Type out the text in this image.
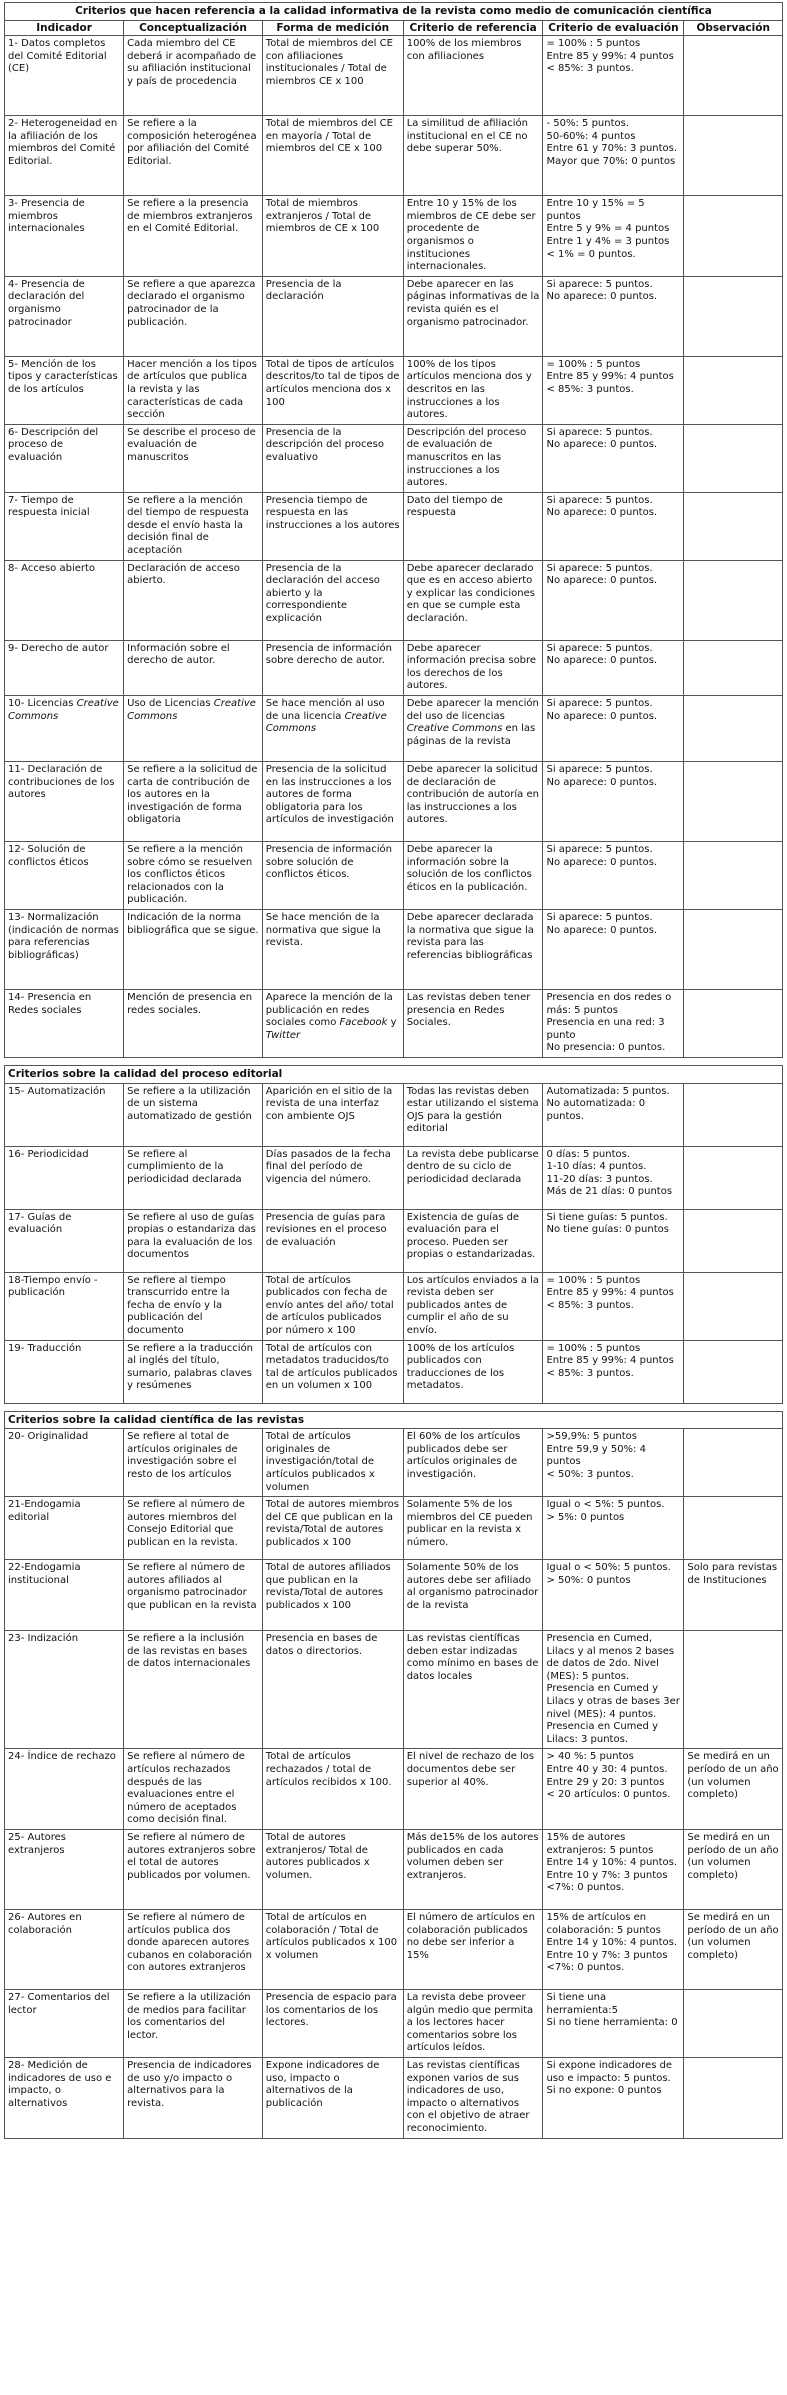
Criterios que hacen referencia a la calidad informativa de la revista como medio de comunicación científica					
Indicador	Conceptualización	Forma de medición	Criterio de referencia	Criterio de evaluación	Observación
1- Datos completos del Comité Editorial (CE)	Cada miembro del CE deberá ir acompañado de su afiliación institucional y país de procedencia	Total de miembros del CE con afiliaciones institucionales / Total de miembros CE x 100	100% de los miembros con afiliaciones	= 100% : 5 puntos
Entre 85 y 99%: 4 puntos
< 85%: 3 puntos.	
2- Heterogeneidad en la afiliación de los miembros del Comité Editorial.	Se refiere a la composición heterogénea por afiliación del Comité Editorial.	Total de miembros del CE en mayoría / Total de miembros del CE x 100	La similitud de afiliación institucional en el CE no debe superar 50%.	- 50%: 5 puntos.
50-60%: 4 puntos
Entre 61 y 70%: 3 puntos.
Mayor que 70%: 0 puntos	
3- Presencia de miembros internacionales	Se refiere a la presencia de miembros extranjeros en el Comité Editorial.	Total de miembros extranjeros / Total de miembros de CE x 100	Entre 10 y 15% de los miembros de CE debe ser procedente de organismos o instituciones internacionales.	Entre 10 y 15% = 5 puntos
Entre 5 y 9% = 4 puntos
Entre 1 y 4% = 3 puntos
< 1% = 0 puntos.	
4- Presencia de declaración del organismo patrocinador	Se refiere a que aparezca declarado el organismo patrocinador de la publicación.	Presencia de la declaración	Debe aparecer en las páginas informativas de la revista quién es el organismo patrocinador.	Si aparece: 5 puntos.
No aparece: 0 puntos.	
5- Mención de los tipos y características de los artículos	Hacer mención a los tipos de artículos que publica la revista y las características de cada sección	Total de tipos de artículos descritos/to tal de tipos de artículos menciona dos x 100	100% de los tipos artículos menciona dos y descritos en las instrucciones a los autores.	= 100% : 5 puntos
Entre 85 y 99%: 4 puntos
< 85%: 3 puntos.	
6- Descripción del proceso de evaluación	Se describe el proceso de evaluación de manuscritos	Presencia de la descripción del proceso evaluativo	Descripción del proceso de evaluación de manuscritos en las instrucciones a los autores.	Si aparece: 5 puntos.
No aparece: 0 puntos.	
7- Tiempo de respuesta inicial	Se refiere a la mención del tiempo de respuesta desde el envío hasta la decisión final de aceptación	Presencia tiempo de respuesta en las instrucciones a los autores	Dato del tiempo de respuesta	Si aparece: 5 puntos.
No aparece: 0 puntos.	
8- Acceso abierto	Declaración de acceso abierto.	Presencia de la declaración del acceso abierto y la correspondiente explicación	Debe aparecer declarado que es en acceso abierto y explicar las condiciones en que se cumple esta declaración.	Si aparece: 5 puntos.
No aparece: 0 puntos.	
9- Derecho de autor	Información sobre el derecho de autor.	Presencia de información sobre derecho de autor.	Debe aparecer información precisa sobre los derechos de los autores.	Si aparece: 5 puntos.
No aparece: 0 puntos.	
10- Licencias Creative Commons	Uso de Licencias Creative Commons	Se hace mención al uso de una licencia Creative Commons	Debe aparecer la mención del uso de licencias Creative Commons en las páginas de la revista	Si aparece: 5 puntos.
No aparece: 0 puntos.	
11- Declaración de contribuciones de los autores	Se refiere a la solicitud de carta de contribución de los autores en la investigación de forma obligatoria	Presencia de la solicitud en las instrucciones a los autores de forma obligatoria para los artículos de investigación	Debe aparecer la solicitud de declaración de contribución de autoría en las instrucciones a los autores.	Si aparece: 5 puntos.
No aparece: 0 puntos.	
12- Solución de conflictos éticos	Se refiere a la mención sobre cómo se resuelven los conflictos éticos relacionados con la publicación.	Presencia de información sobre solución de conflictos éticos.	Debe aparecer la información sobre la solución de los conflictos éticos en la publicación.	Si aparece: 5 puntos.
No aparece: 0 puntos.	
13- Normalización (indicación de normas para referencias bibliográficas)	Indicación de la norma bibliográfica que se sigue.	Se hace mención de la normativa que sigue la revista.	Debe aparecer declarada la normativa que sigue la revista para las referencias bibliográficas	Si aparece: 5 puntos.
No aparece: 0 puntos.	
14- Presencia en Redes sociales	Mención de presencia en redes sociales.	Aparece la mención de la publicación en redes sociales como Facebook y Twitter	Las revistas deben tener presencia en Redes Sociales.	Presencia en dos redes o más: 5 puntos
Presencia en una red: 3 punto
No presencia: 0 puntos.	

Criterios sobre la calidad del proceso editorial					
15- Automatización	Se refiere a la utilización de un sistema automatizado de gestión	Aparición en el sitio de la revista de una interfaz con ambiente OJS	Todas las revistas deben estar utilizando el sistema OJS para la gestión editorial	Automatizada: 5 puntos.
No automatizada: 0 puntos.	
16- Periodicidad	Se refiere al cumplimiento de la periodicidad declarada	Días pasados de la fecha final del período de vigencia del número.	La revista debe publicarse dentro de su ciclo de periodicidad declarada	0 días: 5 puntos.
1-10 días: 4 puntos.
11-20 días: 3 puntos.
Más de 21 días: 0 puntos	
17- Guías de evaluación	Se refiere al uso de guías propias o estandariza das para la evaluación de los documentos	Presencia de guías para revisiones en el proceso de evaluación	Existencia de guías de evaluación para el proceso. Pueden ser propias o estandarizadas.	Si tiene guías: 5 puntos.
No tiene guías: 0 puntos	
18-Tiempo envío - publicación	Se refiere al tiempo transcurrido entre la fecha de envío y la publicación del documento	Total de artículos publicados con fecha de envío antes del año/ total de artículos publicados por número x 100	Los artículos enviados a la revista deben ser publicados antes de cumplir el año de su envío.	= 100% : 5 puntos
Entre 85 y 99%: 4 puntos
< 85%: 3 puntos.	
19- Traducción	Se refiere a la traducción al inglés del título, sumario, palabras claves y resúmenes	Total de artículos con metadatos traducidos/to tal de artículos publicados en un volumen x 100	100% de los artículos publicados con traducciones de los metadatos.	= 100% : 5 puntos
Entre 85 y 99%: 4 puntos
< 85%: 3 puntos.	

Criterios sobre la calidad científica de las revistas					
20- Originalidad	Se refiere al total de artículos originales de investigación sobre el resto de los artículos	Total de artículos originales de investigación/total de artículos publicados x volumen	El 60% de los artículos publicados debe ser artículos originales de investigación.	>59,9%: 5 puntos
Entre 59,9 y 50%: 4 puntos
< 50%: 3 puntos.	
21-Endogamia editorial	Se refiere al número de autores miembros del Consejo Editorial que publican en la revista.	Total de autores miembros del CE que publican en la revista/Total de autores publicados x 100	Solamente 5% de los miembros del CE pueden publicar en la revista x número.	Igual o < 5%: 5 puntos.
> 5%: 0 puntos	
22-Endogamia institucional	Se refiere al número de autores afiliados al organismo patrocinador que publican en la revista	Total de autores afiliados que publican en la revista/Total de autores publicados x 100	Solamente 50% de los autores debe ser afiliado al organismo patrocinador de la revista	Igual o < 50%: 5 puntos.
> 50%: 0 puntos	Solo para revistas de Instituciones
23- Indización	Se refiere a la inclusión de las revistas en bases de datos internacionales	Presencia en bases de datos o directorios.	Las revistas científicas deben estar indizadas como mínimo en bases de datos locales	Presencia en Cumed, Lilacs y al menos 2 bases de datos de 2do. Nivel (MES): 5 puntos.
Presencia en Cumed y Lilacs y otras de bases 3er nivel (MES): 4 puntos.
Presencia en Cumed y Lilacs: 3 puntos.	
24- Índice de rechazo	Se refiere al número de artículos rechazados después de las evaluaciones entre el número de aceptados como decisión final.	Total de artículos rechazados / total de artículos recibidos x 100.	El nivel de rechazo de los documentos debe ser superior al 40%.	> 40 %: 5 puntos
Entre 40 y 30: 4 puntos.
Entre 29 y 20: 3 puntos
< 20 artículos: 0 puntos.	Se medirá en un período de un año (un volumen completo)
25- Autores extranjeros	Se refiere al número de autores extranjeros sobre el total de autores publicados por volumen.	Total de autores extranjeros/ Total de autores publicados x volumen.	Más de15% de los autores publicados en cada volumen deben ser extranjeros.	15% de autores extranjeros: 5 puntos
Entre 14 y 10%: 4 puntos.
Entre 10 y 7%: 3 puntos
<7%: 0 puntos.	Se medirá en un período de un año (un volumen completo)
26- Autores en colaboración	Se refiere al número de artículos publica dos donde aparecen autores cubanos en colaboración con autores extranjeros	Total de artículos en colaboración / Total de artículos publicados x 100 x volumen	El número de artículos en colaboración publicados no debe ser inferior a 15%	15% de artículos en colaboración: 5 puntos
Entre 14 y 10%: 4 puntos.
Entre 10 y 7%: 3 puntos
<7%: 0 puntos.	Se medirá en un período de un año (un volumen completo)
27- Comentarios del lector	Se refiere a la utilización de medios para facilitar los comentarios del lector.	Presencia de espacio para los comentarios de los lectores.	La revista debe proveer algún medio que permita a los lectores hacer comentarios sobre los artículos leídos.	Si tiene una herramienta:5
Si no tiene herramienta: 0	
28- Medición de indicadores de uso e impacto, o alternativos	Presencia de indicadores de uso y/o impacto o alternativos para la revista.	Expone indicadores de uso, impacto o alternativos de la publicación	Las revistas científicas exponen varios de sus indicadores de uso, impacto o alternativos con el objetivo de atraer reconocimiento.	Si expone indicadores de uso e impacto: 5 puntos.
Si no expone: 0 puntos	
